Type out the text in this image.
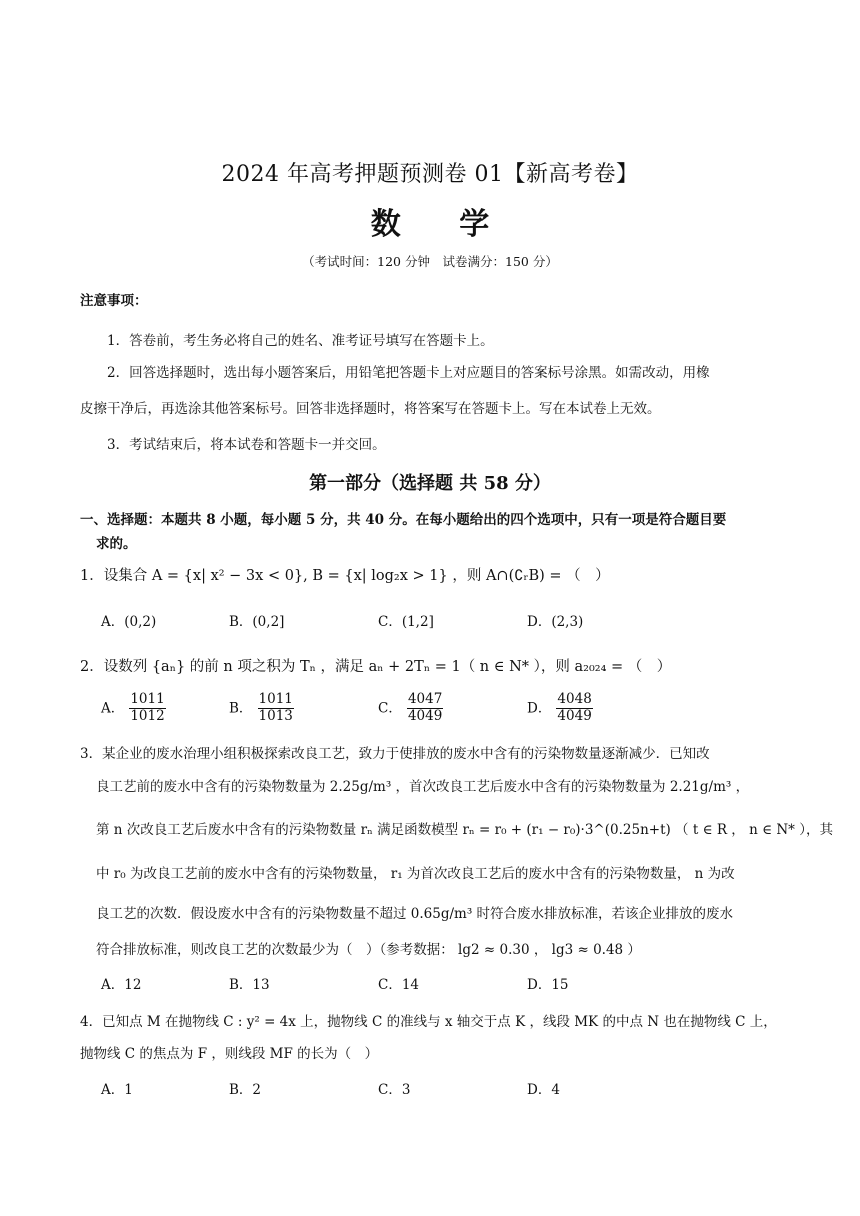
2024 年高考押题预测卷 01【新高考卷】
数 学
（考试时间：120 分钟　试卷满分：150 分）
注意事项：
1．答卷前，考生务必将自己的姓名、准考证号填写在答题卡上。
2．回答选择题时，选出每小题答案后，用铅笔把答题卡上对应题目的答案标号涂黑。如需改动，用橡
皮擦干净后，再选涂其他答案标号。回答非选择题时，将答案写在答题卡上。写在本试卷上无效。
3．考试结束后，将本试卷和答题卡一并交回。
第一部分（选择题 共 58 分）
一、选择题：本题共 8 小题，每小题 5 分，共 40 分。在每小题给出的四个选项中，只有一项是符合题目要
求的。
1．设集合 A = {x| x² − 3x < 0}, B = {x| log₂x > 1} ，则 A∩(∁ᵣB) = （　）
A．(0,2)	B．(0,2]	C．(1,2]	D．(2,3)
2．设数列 {aₙ} 的前 n 项之积为 Tₙ ，满足 aₙ + 2Tₙ = 1（ n ∈ N* ），则 a₂₀₂₄ = （　）
A． $\frac{1011}{1012}$	B． $\frac{1011}{1013}$	C． $\frac{4047}{4049}$	D． $\frac{4048}{4049}$
3．某企业的废水治理小组积极探索改良工艺，致力于使排放的废水中含有的污染物数量逐渐减少．已知改
良工艺前的废水中含有的污染物数量为 2.25g/m³ ，首次改良工艺后废水中含有的污染物数量为 2.21g/m³ ，
第 n 次改良工艺后废水中含有的污染物数量 rₙ 满足函数模型 rₙ = r₀ + (r₁ − r₀)·3^(0.25n+t) （ t ∈ R ， n ∈ N* ），其
中 r₀ 为改良工艺前的废水中含有的污染物数量， r₁ 为首次改良工艺后的废水中含有的污染物数量， n 为改
良工艺的次数．假设废水中含有的污染物数量不超过 0.65g/m³ 时符合废水排放标准，若该企业排放的废水
符合排放标准，则改良工艺的次数最少为（　）（参考数据： lg2 ≈ 0.30 ， lg3 ≈ 0.48 ）
A．12	B．13	C．14	D．15
4．已知点 M 在抛物线 C : y² = 4x 上，抛物线 C 的准线与 x 轴交于点 K ，线段 MK 的中点 N 也在抛物线 C 上，
抛物线 C 的焦点为 F ，则线段 MF 的长为（　）
A．1	B．2	C．3	D．4
